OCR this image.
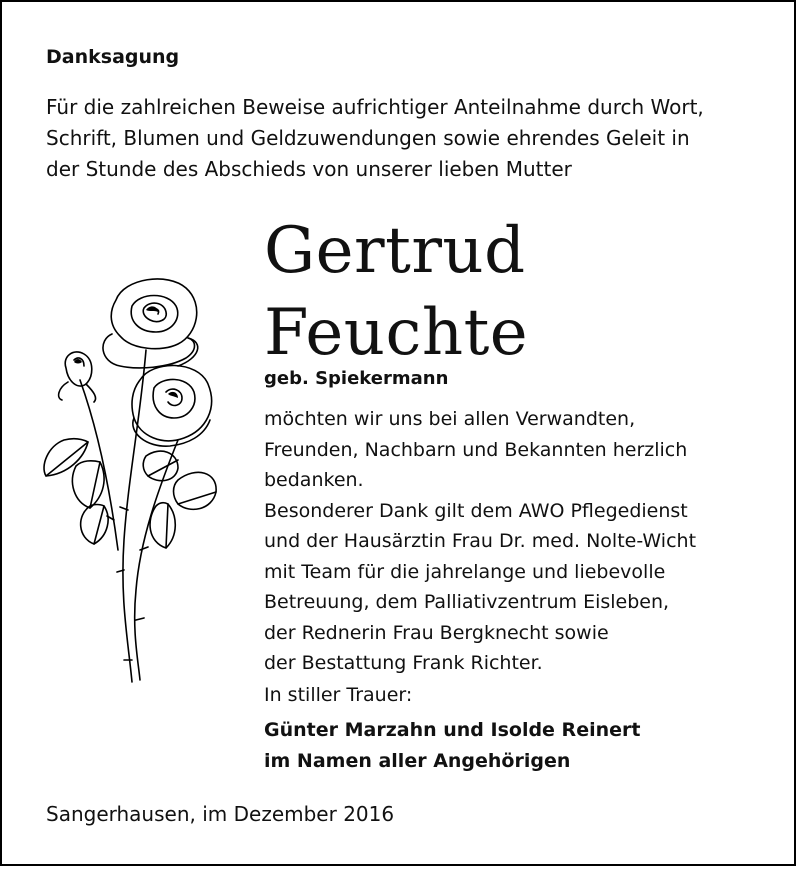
Danksagung
Für die zahlreichen Beweise aufrichtiger Anteilnahme durch Wort,
Schrift, Blumen und Geldzuwendungen sowie ehrendes Geleit in
der Stunde des Abschieds von unserer lieben Mutter
Gertrud
Feuchte
geb. Spiekermann
möchten wir uns bei allen Verwandten,
Freunden, Nachbarn und Bekannten herzlich
bedanken.
Besonderer Dank gilt dem AWO Pflegedienst
und der Hausärztin Frau Dr. med. Nolte-Wicht
mit Team für die jahrelange und liebevolle
Betreuung, dem Palliativzentrum Eisleben,
der Rednerin Frau Bergknecht sowie
der Bestattung Frank Richter.
In stiller Trauer:
Günter Marzahn und Isolde Reinert
im Namen aller Angehörigen
Sangerhausen, im Dezember 2016
